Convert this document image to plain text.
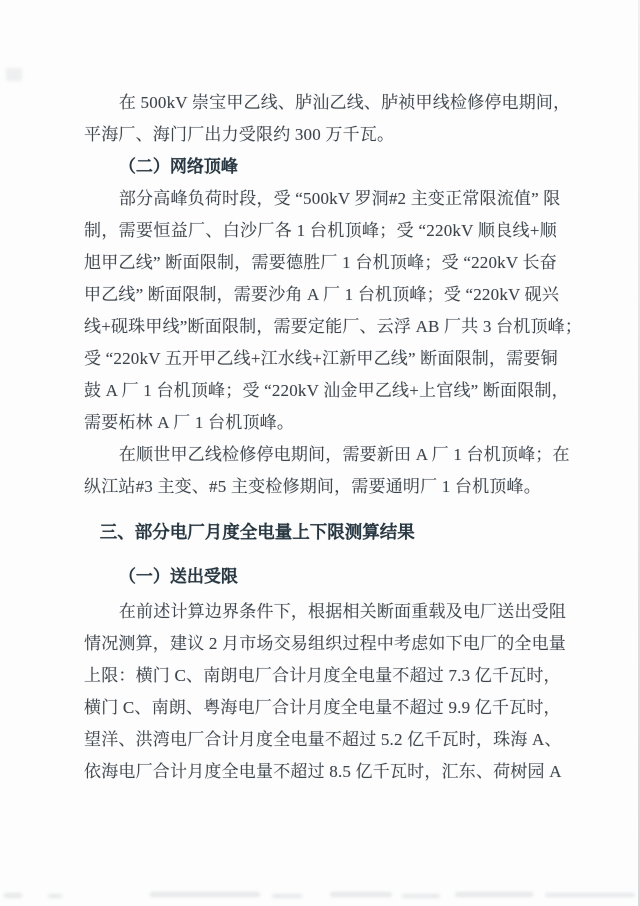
在 500kV 崇宝甲乙线、胪汕乙线、胪祯甲线检修停电期间，
平海厂、海门厂出力受限约 300 万千瓦。
（二）网络顶峰
部分高峰负荷时段，受 “500kV 罗洞#2 主变正常限流值” 限
制，需要恒益厂、白沙厂各 1 台机顶峰；受 “220kV 顺良线+顺
旭甲乙线” 断面限制，需要德胜厂 1 台机顶峰；受 “220kV 长奋
甲乙线” 断面限制，需要沙角 A 厂 1 台机顶峰；受 “220kV 砚兴
线+砚珠甲线”断面限制，需要定能厂、云浮 AB 厂共 3 台机顶峰；
受 “220kV 五开甲乙线+江水线+江新甲乙线” 断面限制，需要铜
鼓 A 厂 1 台机顶峰；受 “220kV 汕金甲乙线+上官线” 断面限制，
需要柘林 A 厂 1 台机顶峰。
在顺世甲乙线检修停电期间，需要新田 A 厂 1 台机顶峰；在
纵江站#3 主变、#5 主变检修期间，需要通明厂 1 台机顶峰。
三、部分电厂月度全电量上下限测算结果
（一）送出受限
在前述计算边界条件下，根据相关断面重载及电厂送出受阻
情况测算，建议 2 月市场交易组织过程中考虑如下电厂的全电量
上限：横门 C、南朗电厂合计月度全电量不超过 7.3 亿千瓦时，
横门 C、南朗、粤海电厂合计月度全电量不超过 9.9 亿千瓦时，
望洋、洪湾电厂合计月度全电量不超过 5.2 亿千瓦时，珠海 A、
依海电厂合计月度全电量不超过 8.5 亿千瓦时，汇东、荷树园 A
